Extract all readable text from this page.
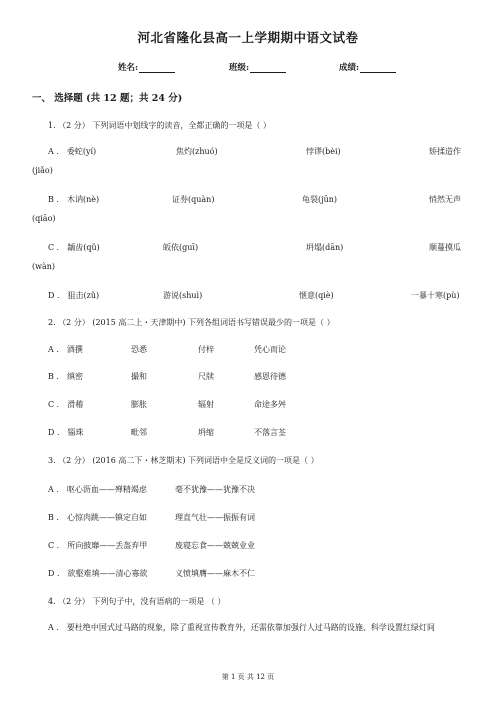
河北省隆化县高一上学期期中语文试卷
姓名:	班级:	成绩:
一、 选择题 (共 12 题；共 24 分)
1. （2 分） 下列词语中划线字的读音，全都正确的一项是（ ）
A ． 委蛇(yí)	焦灼(zhuó)	悖谬(bèi)	矫揉造作
(jiǎo)
B ． 木讷(nè)	证券(quàn)	龟裂(jūn)	悄然无声
(qiāo)
C ． 龋齿(qǔ)	皈依(guī)	坍塌(dān)	顺蔓摸瓜
(wàn)
D ． 狙击(zǔ)	游说(shuì)	惬意(qiè)	一暴十寒(pù)
2. （2 分） (2015 高二上・天津期中) 下列各组词语书写错误最少的一项是（ ）
A ． 酒撰	恐悉	付梓	凭心而论
B ． 缜密	撮和	尺牍	感恩待德
C ． 滑稽	膨胀	辐射	命途多舛
D ． 锱珠	毗邻	坍缩	不落言荃
3. （2 分） (2016 高二下・林芝期末) 下列词语中全是反义词的一项是（ ）
A ． 呕心沥血——殚精竭虑	毫不犹豫——犹豫不决
B ． 心惊肉跳——镇定自如	理直气壮——振振有词
C ． 所向披靡——丢盔弃甲	废寝忘食——兢兢业业
D ． 欲壑难填——清心寡欲	义愤填膺——麻木不仁
4. （2 分） 下列句子中，没有语病的一项是 （ ）
A ． 要杜绝中国式过马路的现象，除了重视宣传教育外，还需依靠加强行人过马路的设施、科学设置红绿灯间
第 1 页 共 12 页
